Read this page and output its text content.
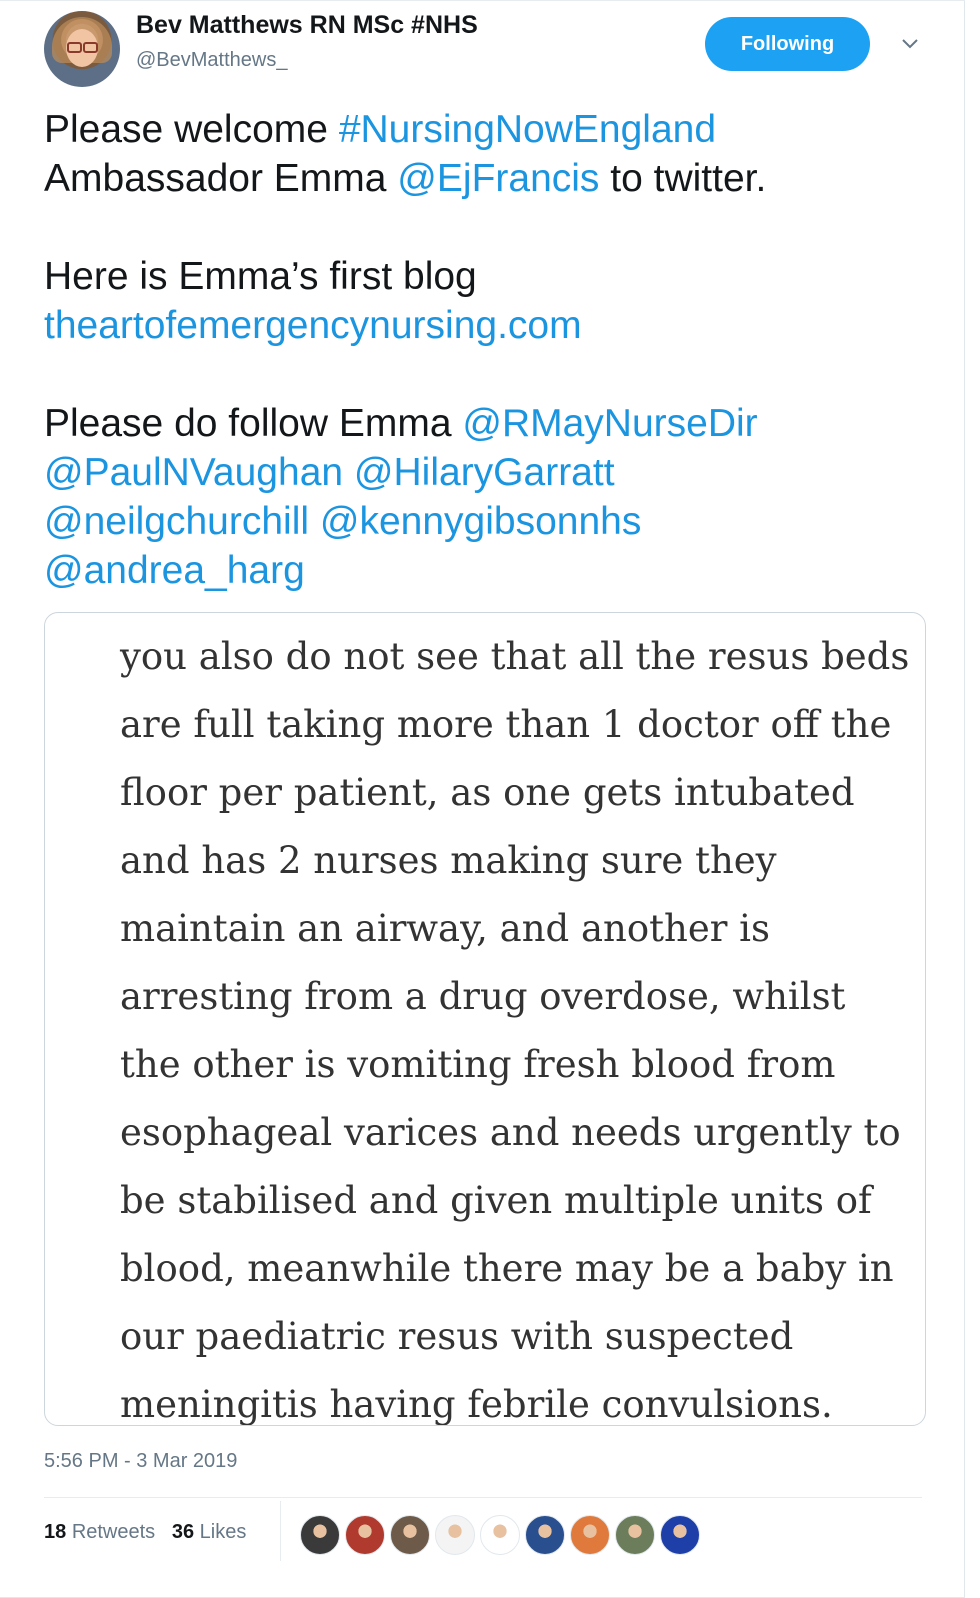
Bev Matthews RN MSc #NHS
@BevMatthews_
Following
Please welcome #NursingNowEngland
Ambassador Emma @EjFrancis to twitter.
Here is Emma’s first blog
theartofemergencynursing.com
Please do follow Emma @RMayNurseDir
@PaulNVaughan @HilaryGarratt
@neilgchurchill @kennygibsonnhs
@andrea_harg
you also do not see that all the resus beds
are full taking more than 1 doctor off the
floor per patient, as one gets intubated
and has 2 nurses making sure they
maintain an airway, and another is
arresting from a drug overdose, whilst
the other is vomiting fresh blood from
esophageal varices and needs urgently to
be stabilised and given multiple units of
blood, meanwhile there may be a baby in
our paediatric resus with suspected
meningitis having febrile convulsions.
5:56 PM - 3 Mar 2019
18 Retweets 36 Likes
